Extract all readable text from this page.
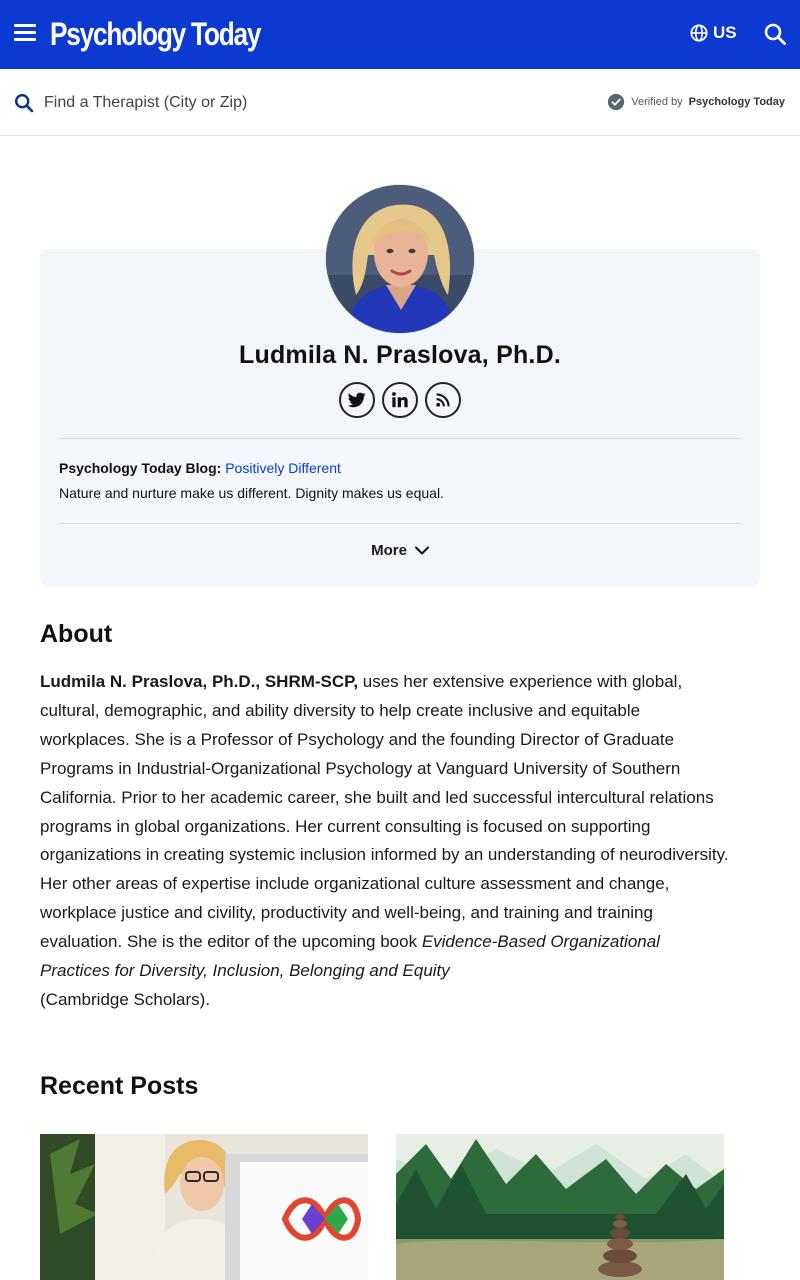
Psychology Today	US
Find a Therapist (City or Zip)
Verified by Psychology Today
Ludmila N. Praslova, Ph.D.
Psychology Today Blog: Positively Different
Nature and nurture make us different. Dignity makes us equal.
More
About
Ludmila N. Praslova, Ph.D., SHRM-SCP, uses her extensive experience with global, cultural, demographic, and ability diversity to help create inclusive and equitable workplaces. She is a Professor of Psychology and the founding Director of Graduate Programs in Industrial-Organizational Psychology at Vanguard University of Southern California. Prior to her academic career, she built and led successful intercultural relations programs in global organizations. Her current consulting is focused on supporting organizations in creating systemic inclusion informed by an understanding of neurodiversity. Her other areas of expertise include organizational culture assessment and change, workplace justice and civility, productivity and well-being, and training and training evaluation. She is the editor of the upcoming book Evidence-Based Organizational Practices for Diversity, Inclusion, Belonging and Equity
(Cambridge Scholars).
Recent Posts
